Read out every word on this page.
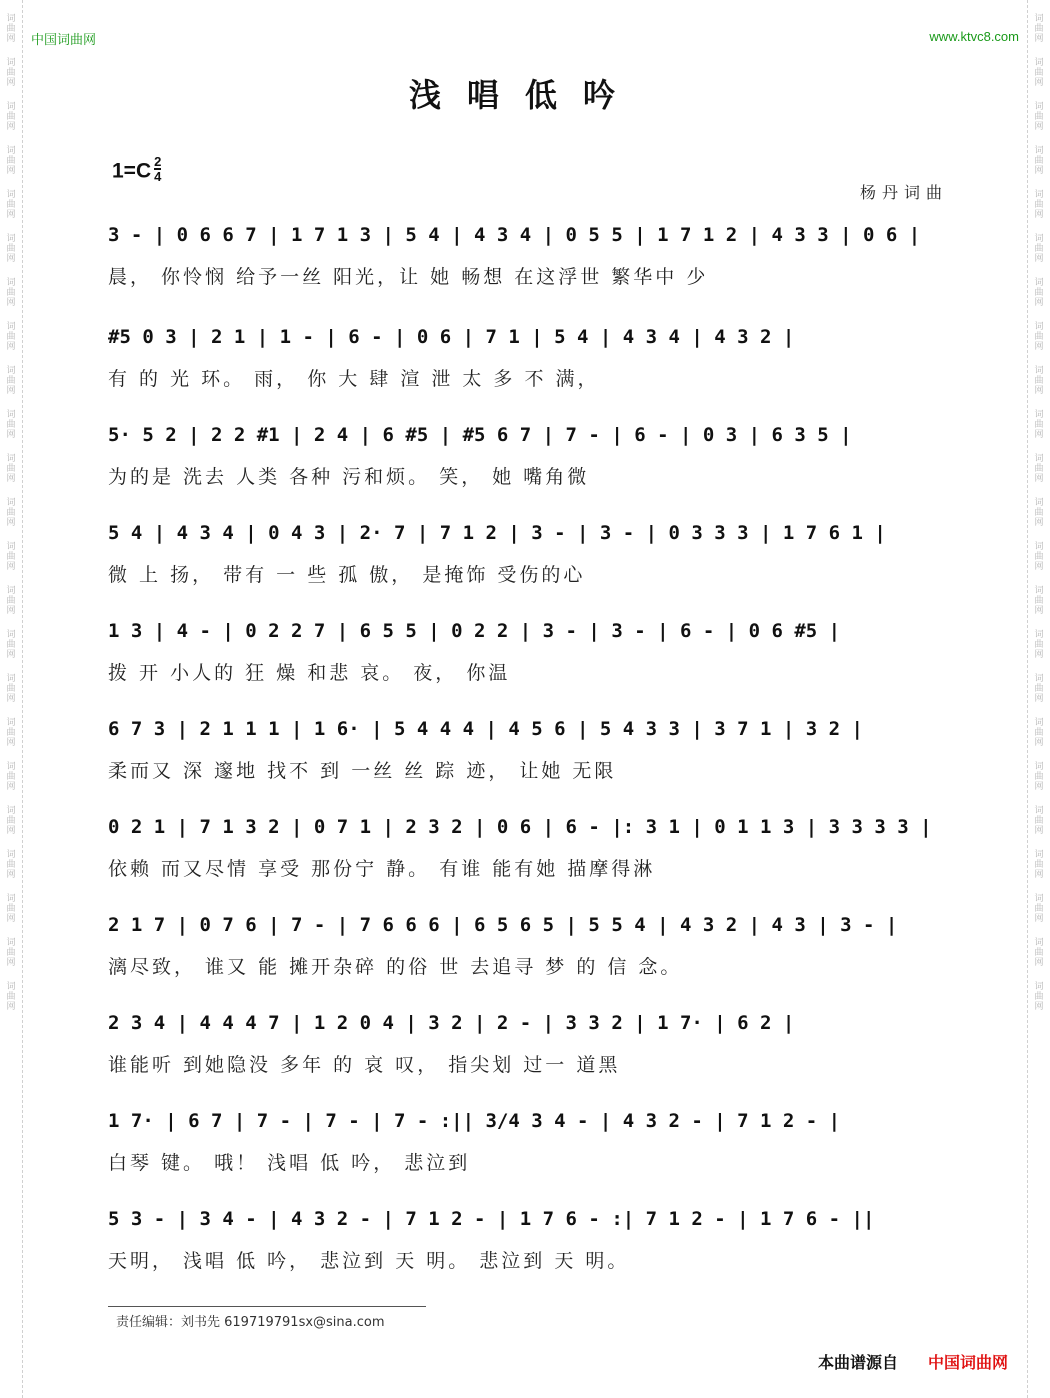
词曲网
词曲网
词曲网
词曲网
词曲网
词曲网
词曲网
词曲网
词曲网
词曲网
词曲网
词曲网
词曲网
词曲网
词曲网
词曲网
词曲网
词曲网
词曲网
词曲网
词曲网
词曲网
词曲网
词曲网
词曲网
词曲网
词曲网
词曲网
词曲网
词曲网
词曲网
词曲网
词曲网
词曲网
词曲网
词曲网
词曲网
词曲网
词曲网
词曲网
词曲网
词曲网
词曲网
词曲网
词曲网
词曲网
中国词曲网	www.ktvc8.com
浅唱低吟
$1=C \frac{2}{4}$
杨丹词曲
3 - | 0 6 6 7 | 1 7 1 3 | 5 4 | 4 3 4 | 0 5 5 | 1 7 1 2 | 4 3 3 | 0 6 |
晨， 你怜悯 给予一丝 阳光，让 她 畅想 在这浮世 繁华中 少
#5 0 3 | 2 1 | 1 - | 6 - | 0 6 | 7 1 | 5 4 | 4 3 4 | 4 3 2 |
有 的 光 环。 雨， 你 大 肆 渲 泄 太 多 不 满，
5· 5 2 | 2 2 #1 | 2 4 | 6 #5 | #5 6 7 | 7 - | 6 - | 0 3 | 6 3 5 |
为的是 洗去 人类 各种 污和烦。 笑， 她 嘴角微
5 4 | 4 3 4 | 0 4 3 | 2· 7 | 7 1 2 | 3 - | 3 - | 0 3 3 3 | 1 7 6 1 |
微 上 扬， 带有 一 些 孤 傲， 是掩饰 受伤的心
1 3 | 4 - | 0 2 2 7 | 6 5 5 | 0 2 2 | 3 - | 3 - | 6 - | 0 6 #5 |
拨 开 小人的 狂 燥 和悲 哀。 夜， 你温
6 7 3 | 2 1 1 1 | 1 6· | 5 4 4 4 | 4 5 6 | 5 4 3 3 | 3 7 1 | 3 2 |
柔而又 深 邃地 找不 到 一丝 丝 踪 迹， 让她 无限
0 2 1 | 7 1 3 2 | 0 7 1 | 2 3 2 | 0 6 | 6 - |: 3 1 | 0 1 1 3 | 3 3 3 3 |
依赖 而又尽情 享受 那份宁 静。 有谁 能有她 描摩得淋
2 1 7 | 0 7 6 | 7 - | 7 6 6 6 | 6 5 6 5 | 5 5 4 | 4 3 2 | 4 3 | 3 - |
漓尽致， 谁又 能 摊开杂碎 的俗 世 去追寻 梦 的 信 念。
2 3 4 | 4 4 4 7 | 1 2 0 4 | 3 2 | 2 - | 3 3 2 | 1 7· | 6 2 |
谁能听 到她隐没 多年 的 哀 叹， 指尖划 过一 道黑
1 7· | 6 7 | 7 - | 7 - | 7 - :|| 3/4 3 4 - | 4 3 2 - | 7 1 2 - |
白琴 键。 哦！ 浅唱 低 吟， 悲泣到
5 3 - | 3 4 - | 4 3 2 - | 7 1 2 - | 1 7 6 - :| 7 1 2 - | 1 7 6 - ||
天明， 浅唱 低 吟， 悲泣到 天 明。 悲泣到 天 明。
责任编辑：刘书先 619719791sx@sina.com
本曲谱源自 中国词曲网
